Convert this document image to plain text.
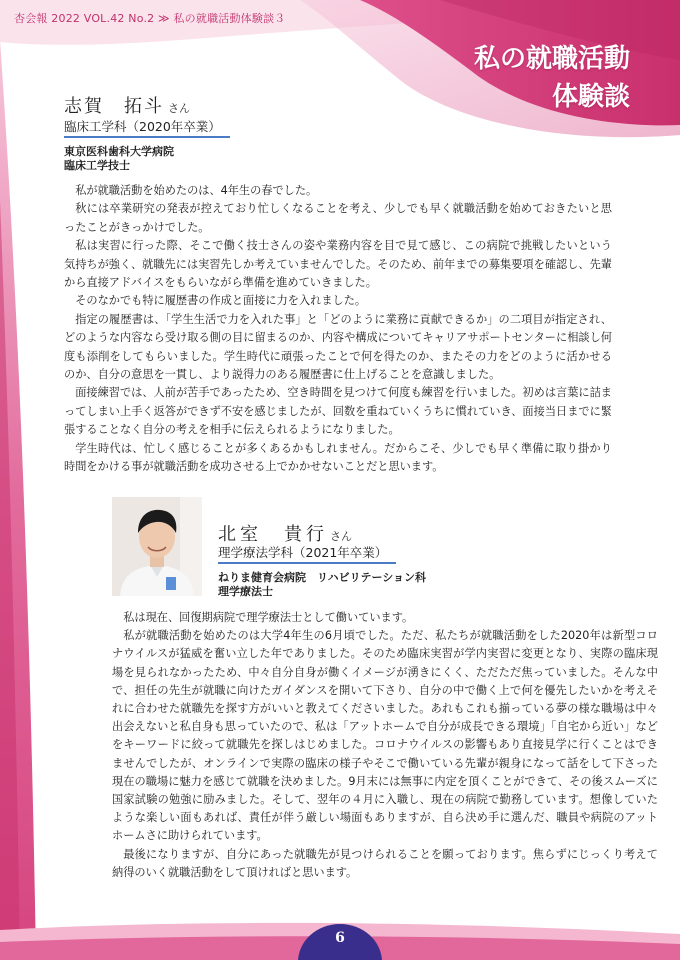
杏会報 2022 VOL.42 No.2 ≫ 私の就職活動体験談３
私の就職活動
体験談
志賀　拓斗 さん
臨床工学科（2020年卒業）
東京医科歯科大学病院
臨床工学技士

私が就職活動を始めたのは、4年生の春でした。

秋には卒業研究の発表が控えており忙しくなることを考え、少しでも早く就職活動を始めておきたいと思ったことがきっかけでした。

私は実習に行った際、そこで働く技士さんの姿や業務内容を目で見て感じ、この病院で挑戦したいという気持ちが強く、就職先には実習先しか考えていませんでした。そのため、前年までの募集要項を確認し、先輩から直接アドバイスをもらいながら準備を進めていきました。

そのなかでも特に履歴書の作成と面接に力を入れました。

指定の履歴書は、「学生生活で力を入れた事」と「どのように業務に貢献できるか」の二項目が指定され、どのような内容なら受け取る側の目に留まるのか、内容や構成についてキャリアサポートセンターに相談し何度も添削をしてもらいました。学生時代に頑張ったことで何を得たのか、またその力をどのように活かせるのか、自分の意思を一貫し、より説得力のある履歴書に仕上げることを意識しました。

面接練習では、人前が苦手であったため、空き時間を見つけて何度も練習を行いました。初めは言葉に詰まってしまい上手く返答ができず不安を感じましたが、回数を重ねていくうちに慣れていき、面接当日までに緊張することなく自分の考えを相手に伝えられるようになりました。

学生時代は、忙しく感じることが多くあるかもしれません。だからこそ、少しでも早く準備に取り掛かり時間をかける事が就職活動を成功させる上でかかせないことだと思います。

北室　貴行 さん
理学療法学科（2021年卒業）
ねりま健育会病院　リハビリテーション科
理学療法士

私は現在、回復期病院で理学療法士として働いています。

私が就職活動を始めたのは大学4年生の6月頃でした。ただ、私たちが就職活動をした2020年は新型コロナウイルスが猛威を奮い立した年でありました。そのため臨床実習が学内実習に変更となり、実際の臨床現場を見られなかったため、中々自分自身が働くイメージが湧きにくく、ただただ焦っていました。そんな中で、担任の先生が就職に向けたガイダンスを開いて下さり、自分の中で働く上で何を優先したいかを考えそれに合わせた就職先を探す方がいいと教えてくださいました。あれもこれも揃っている夢の様な職場は中々出会えないと私自身も思っていたので、私は「アットホームで自分が成長できる環境」「自宅から近い」などをキーワードに絞って就職先を探しはじめました。コロナウイルスの影響もあり直接見学に行くことはできませんでしたが、オンラインで実際の臨床の様子やそこで働いている先輩が親身になって話をして下さった現在の職場に魅力を感じて就職を決めました。9月末には無事に内定を頂くことができて、その後スムーズに国家試験の勉強に励みました。そして、翌年の４月に入職し、現在の病院で勤務しています。想像していたような楽しい面もあれば、責任が伴う厳しい場面もありますが、自ら決め手に選んだ、職員や病院のアットホームさに助けられています。

最後になりますが、自分にあった就職先が見つけられることを願っております。焦らずにじっくり考えて納得のいく就職活動をして頂ければと思います。

6
